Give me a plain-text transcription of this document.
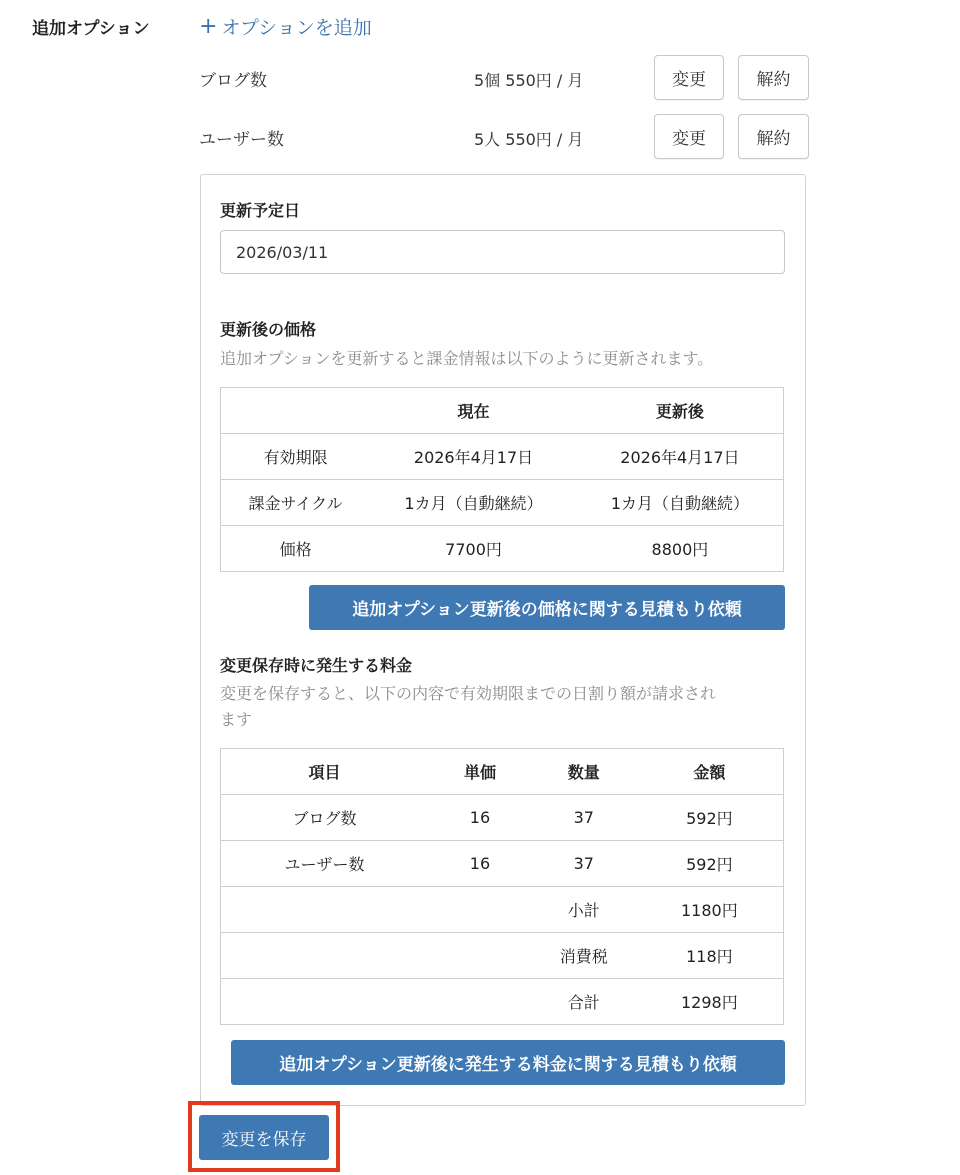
追加オプション + オプションを追加
ブログ数	5個 550円 / 月	変更	解約
ユーザー数	5人 550円 / 月	変更	解約
更新予定日
2026/03/11
更新後の価格
追加オプションを更新すると課金情報は以下のように更新されます。
	現在	更新後
有効期限	2026年4月17日	2026年4月17日
課金サイクル	1カ月（自動継続）	1カ月（自動継続）
価格	7700円	8800円
追加オプション更新後の価格に関する見積もり依頼
変更保存時に発生する料金
変更を保存すると、以下の内容で有効期限までの日割り額が請求され
ます
項目	単価	数量	金額
ブログ数	16	37	592円
ユーザー数	16	37	592円
		小計	1180円
		消費税	118円
		合計	1298円
追加オプション更新後に発生する料金に関する見積もり依頼
変更を保存
